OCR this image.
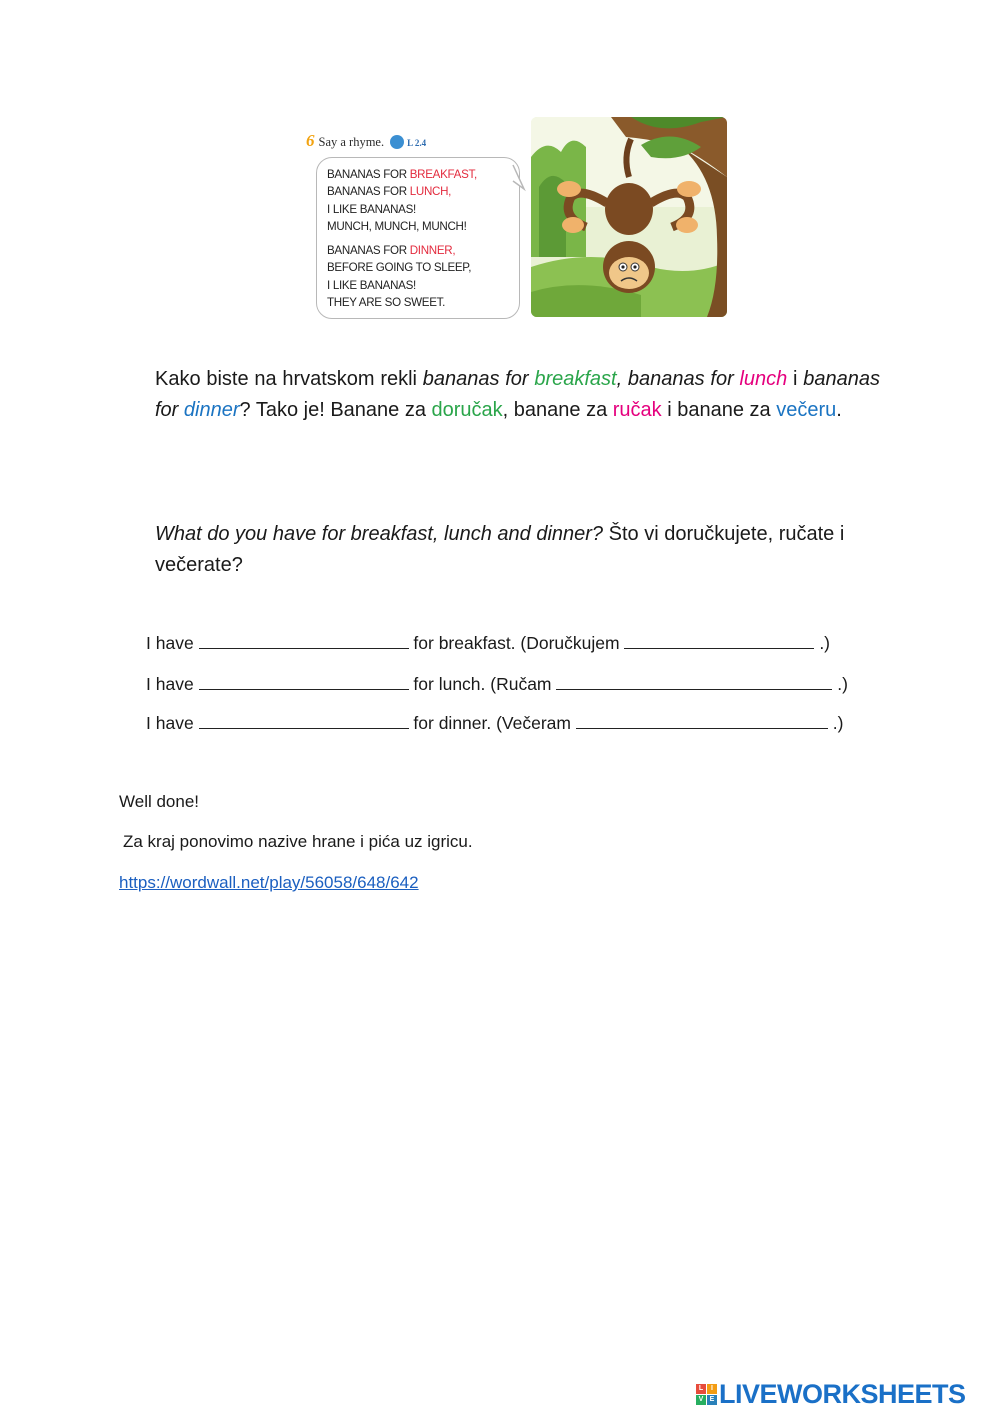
6 Say a rhyme.	L 2.4
BANANAS FOR BREAKFAST,
BANANAS FOR LUNCH,
I LIKE BANANAS!
MUNCH, MUNCH, MUNCH!
BANANAS FOR DINNER,
BEFORE GOING TO SLEEP,
I LIKE BANANAS!
THEY ARE SO SWEET.
Kako biste na hrvatskom rekli bananas for breakfast, bananas for lunch i bananas for dinner? Tako je! Banane za doručak, banane za ručak i banane za večeru.
What do you have for breakfast, lunch and dinner? Što vi doručkujete, ručate i večerate?
I have	for breakfast. (Doručkujem	.)
I have	for lunch. (Ručam	.)
I have	for dinner. (Večeram	.)
Well done!
Za kraj ponovimo nazive hrane i pića uz igricu.
https://wordwall.net/play/56058/648/642
L	I
V E LIVEWORKSHEETS
